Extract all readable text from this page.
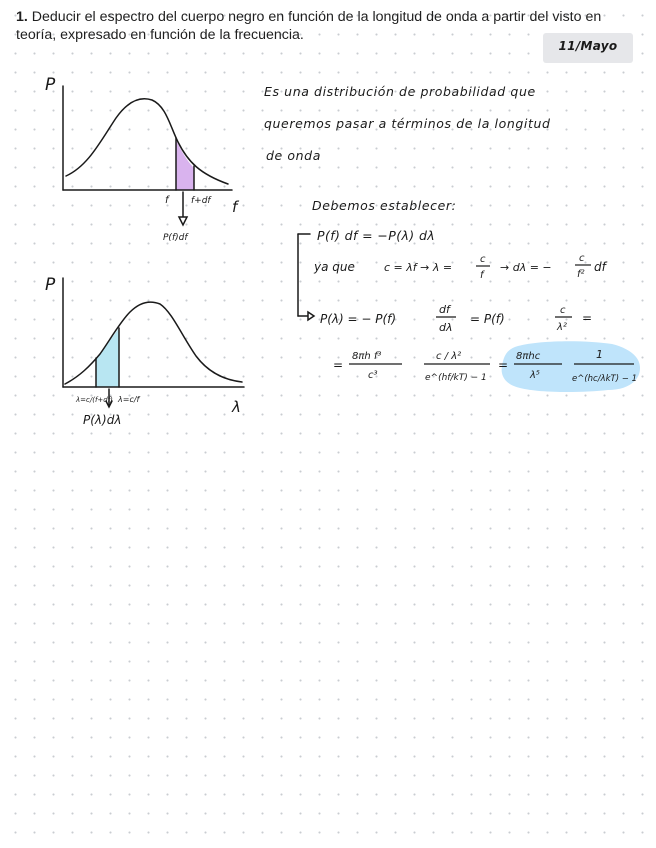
1. Deducir el espectro del cuerpo negro en función de la longitud de onda a partir del visto en teoría, expresado en función de la frecuencia.
11/Mayo
P
f
f f+df
P(f)df
P
λ
λ=c/(f+df) λ=c/f
P(λ)dλ
Es una distribución de probabilidad que
queremos pasar a términos de la longitud
de onda
Debemos establecer:
P(f) df = −P(λ) dλ
ya que	c = λf → λ =
c
f
→ dλ = −
c
f²
df
P(λ) = − P(f)
df
dλ
= P(f)
c
λ²
=
=
8πh f³
c³
c / λ²
e^(hf/kT) − 1
=
8πhc
λ⁵
1
e^(hc/λkT) − 1
